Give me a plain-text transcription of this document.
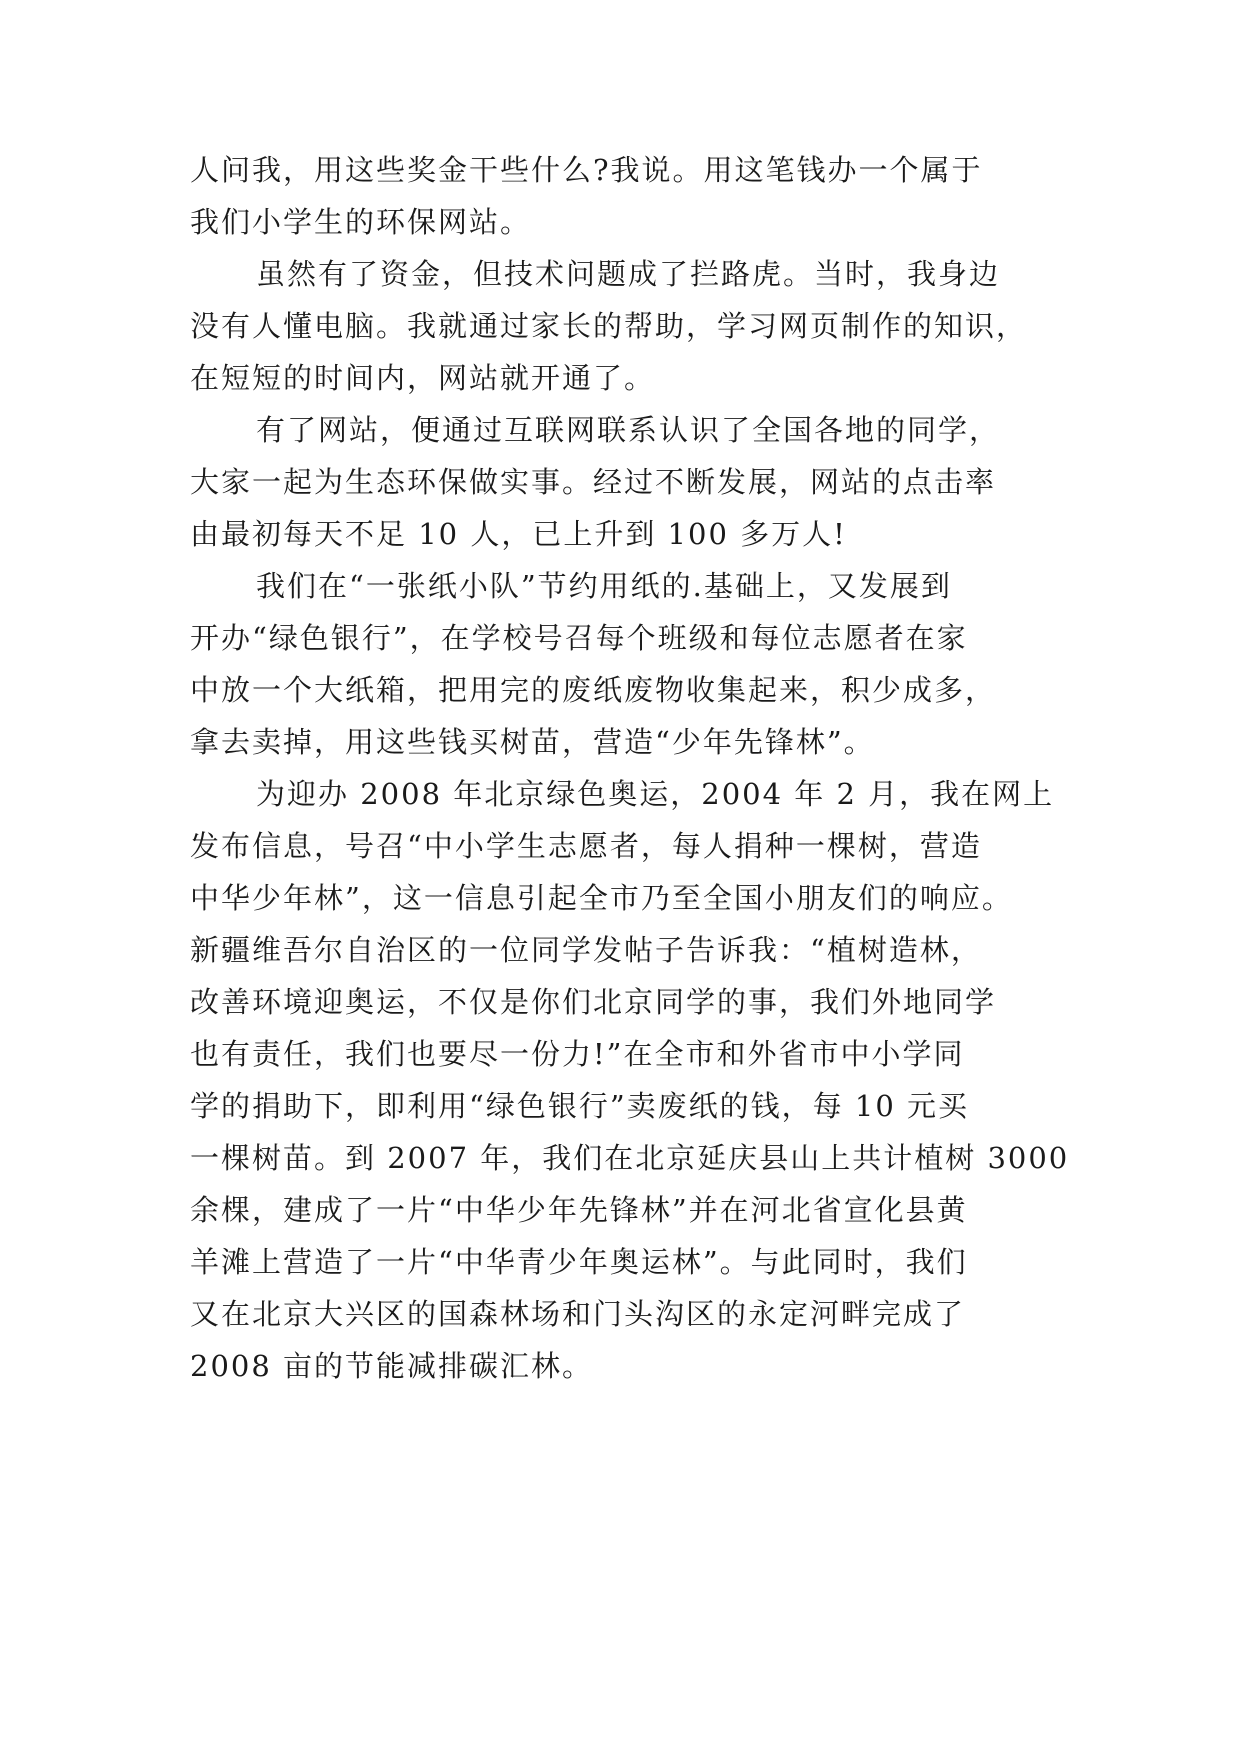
人问我，用这些奖金干些什么?我说。用这笔钱办一个属于
我们小学生的环保网站。
虽然有了资金，但技术问题成了拦路虎。当时，我身边
没有人懂电脑。我就通过家长的帮助，学习网页制作的知识，
在短短的时间内，网站就开通了。
有了网站，便通过互联网联系认识了全国各地的同学，
大家一起为生态环保做实事。经过不断发展，网站的点击率
由最初每天不足 10 人，已上升到 100 多万人!
我们在“一张纸小队”节约用纸的.基础上，又发展到
开办“绿色银行”，在学校号召每个班级和每位志愿者在家
中放一个大纸箱，把用完的废纸废物收集起来，积少成多，
拿去卖掉，用这些钱买树苗，营造“少年先锋林”。
为迎办 2008 年北京绿色奥运，2004 年 2 月，我在网上
发布信息，号召“中小学生志愿者，每人捐种一棵树，营造
中华少年林”，这一信息引起全市乃至全国小朋友们的响应。
新疆维吾尔自治区的一位同学发帖子告诉我：“植树造林，
改善环境迎奥运，不仅是你们北京同学的事，我们外地同学
也有责任，我们也要尽一份力!”在全市和外省市中小学同
学的捐助下，即利用“绿色银行”卖废纸的钱，每 10 元买
一棵树苗。到 2007 年，我们在北京延庆县山上共计植树 3000
余棵，建成了一片“中华少年先锋林”并在河北省宣化县黄
羊滩上营造了一片“中华青少年奥运林”。与此同时，我们
又在北京大兴区的国森林场和门头沟区的永定河畔完成了
2008 亩的节能减排碳汇林。
